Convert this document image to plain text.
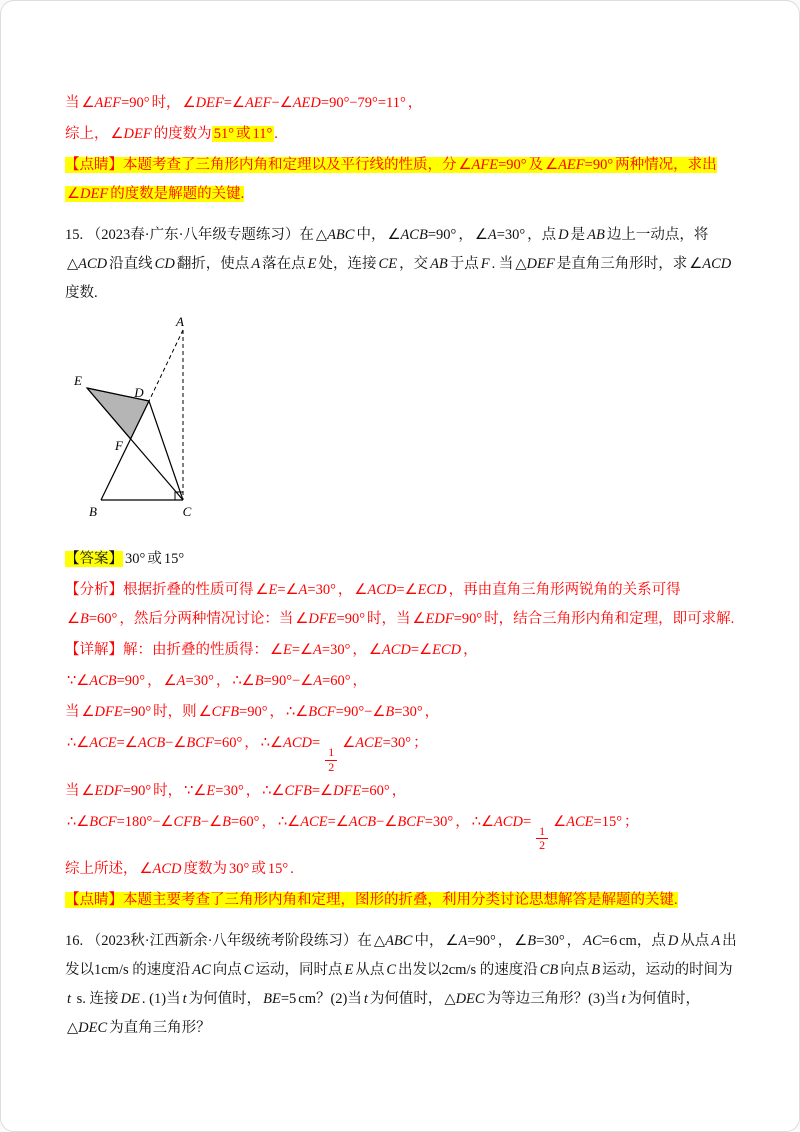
当 ∠AEF=90° 时， ∠DEF=∠AEF−∠AED=90°−79°=11° ，
综上， ∠DEF 的度数为 51° 或 11° .
【点睛】本题考查了三角形内角和定理以及平行线的性质，分 ∠AFE=90° 及 ∠AEF=90° 两种情况，求出∠DEF 的度数是解题的关键.
15. （2023春·广东·八年级专题练习）在 △ABC 中， ∠ACB=90° ， ∠A=30° ，点 D 是 AB 边上一动点，将△ACD 沿直线 CD 翻折，使点 A 落在点 E 处，连接 CE ，交 AB 于点 F . 当 △DEF 是直角三角形时，求 ∠ACD度数.
A
B	C
D
E
F
【答案】 30° 或 15°
【分析】根据折叠的性质可得 ∠E=∠A=30° ， ∠ACD=∠ECD ，再由直角三角形两锐角的关系可得∠B=60° ，然后分两种情况讨论：当 ∠DFE=90° 时，当 ∠EDF=90° 时，结合三角形内角和定理，即可求解.
【详解】解：由折叠的性质得： ∠E=∠A=30° ， ∠ACD=∠ECD ，
∵∠ACB=90° ， ∠A=30° ， ∴∠B=90°−∠A=60° ，
当 ∠DFE=90° 时，则 ∠CFB=90° ， ∴∠BCF=90°−∠B=30° ，
∴∠ACE=∠ACB−∠BCF=60° ， ∴∠ACD=
$\frac{1}{2}$
∠ACE=30° ；
当 ∠EDF=90° 时， ∵∠E=30° ， ∴∠CFB=∠DFE=60° ，
∴∠BCF=180°−∠CFB−∠B=60° ， ∴∠ACE=∠ACB−∠BCF=30° ， ∴∠ACD=
$\frac{1}{2}$
∠ACE=15° ；
综上所述， ∠ACD 度数为 30° 或 15° .
【点睛】本题主要考查了三角形内角和定理，图形的折叠，利用分类讨论思想解答是解题的关键.
16. （2023秋·江西新余·八年级统考阶段练习）在 △ABC 中， ∠A=90° ， ∠B=30° ， AC=6 cm，点 D 从点 A 出发以1cm/s 的速度沿 AC 向点 C 运动，同时点 E 从点 C 出发以2cm/s 的速度沿 CB 向点 B 运动，运动的时间为t s. 连接 DE . (1)当 t 为何值时， BE=5 cm？(2)当 t 为何值时， △DEC 为等边三角形？(3)当 t 为何值时，△DEC 为直角三角形？
